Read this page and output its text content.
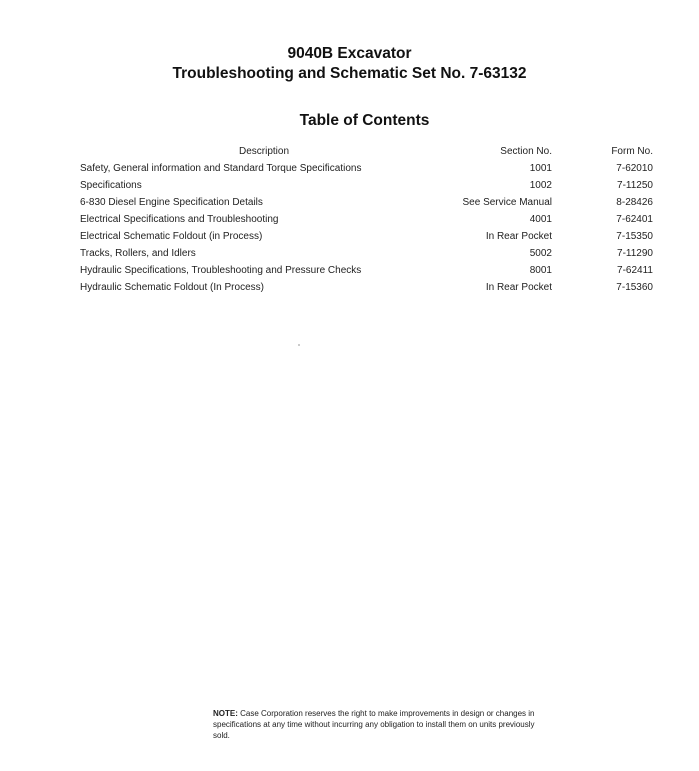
9040B Excavator
Troubleshooting and Schematic Set No. 7-63132
Table of Contents
Description	Section No.	Form No.
Safety, General information and Standard Torque Specifications	1001	7-62010
Specifications	1002	7-11250
6-830 Diesel Engine Specification Details	See Service Manual	8-28426
Electrical Specifications and Troubleshooting	4001	7-62401
Electrical Schematic Foldout (in Process)	In Rear Pocket	7-15350
Tracks, Rollers, and Idlers	5002	7-11290
Hydraulic Specifications, Troubleshooting and Pressure Checks	8001	7-62411
Hydraulic Schematic Foldout (In Process)	In Rear Pocket	7-15360
NOTE: Case Corporation reserves the right to make improvements in design or changes in specifications at any time without incurring any obligation to install them on units previously sold.
